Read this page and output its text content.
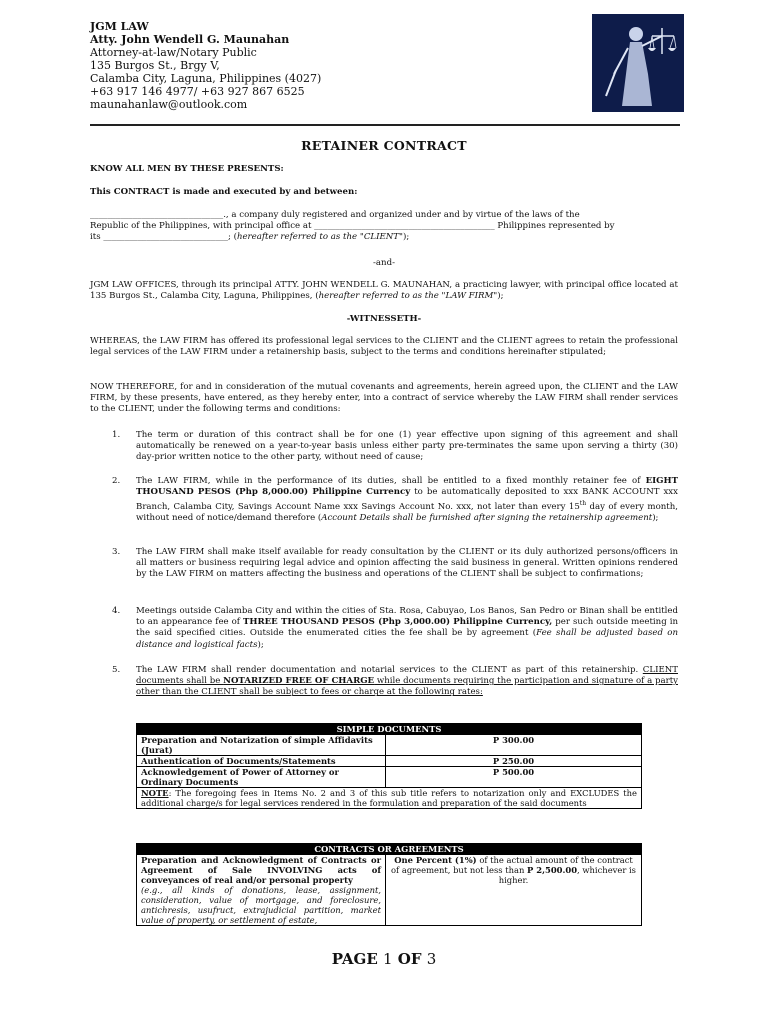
JGM LAW
Atty. John Wendell G. Maunahan
Attorney-at-law/Notary Public
135 Burgos St., Brgy V,
Calamba City, Laguna, Philippines (4027)
+63 917 146 4977/ +63 927 867 6525
maunahanlaw@outlook.com
RETAINER CONTRACT
KNOW ALL MEN BY THESE PRESENTS:
This CONTRACT is made and executed by and between:
_______________________________., a company duly registered and organized under and by virtue of the laws of the
Republic of the Philippines, with principal office at __________________________________________ Philippines represented by
its _____________________________; (hereafter referred to as the "CLIENT");
-and-
JGM LAW OFFICES, through its principal ATTY. JOHN WENDELL G. MAUNAHAN, a practicing lawyer, with principal office located at 135 Burgos St., Calamba City, Laguna, Philippines, (hereafter referred to as the "LAW FIRM");
-WITNESSETH-
WHEREAS, the LAW FIRM has offered its professional legal services to the CLIENT and the CLIENT agrees to retain the professional legal services of the LAW FIRM under a retainership basis, subject to the terms and conditions hereinafter stipulated;
NOW THEREFORE, for and in consideration of the mutual covenants and agreements, herein agreed upon, the CLIENT and the LAW FIRM, by these presents, have entered, as they hereby enter, into a contract of service whereby the LAW FIRM shall render services to the CLIENT, under the following terms and conditions:
1.	The term or duration of this contract shall be for one (1) year effective upon signing of this agreement and shall automatically be renewed on a year-to-year basis unless either party pre-terminates the same upon serving a thirty (30) day-prior written notice to the other party, without need of cause;
2.	The LAW FIRM, while in the performance of its duties, shall be entitled to a fixed monthly retainer fee of EIGHT THOUSAND PESOS (Php 8,000.00) Philippine Currency to be automatically deposited to xxx BANK ACCOUNT xxx Branch, Calamba City, Savings Account Name xxx Savings Account No. xxx, not later than every 15th day of every month, without need of notice/demand therefore (Account Details shall be furnished after signing the retainership agreement);
3.	The LAW FIRM shall make itself available for ready consultation by the CLIENT or its duly authorized persons/officers in all matters or business requiring legal advice and opinion affecting the said business in general. Written opinions rendered by the LAW FIRM on matters affecting the business and operations of the CLIENT shall be subject to confirmations;
4.	Meetings outside Calamba City and within the cities of Sta. Rosa, Cabuyao, Los Banos, San Pedro or Binan shall be entitled to an appearance fee of THREE THOUSAND PESOS (Php 3,000.00) Philippine Currency, per such outside meeting in the said specified cities. Outside the enumerated cities the fee shall be by agreement (Fee shall be adjusted based on distance and logistical facts);
5.	The LAW FIRM shall render documentation and notarial services to the CLIENT as part of this retainership. CLIENT documents shall be NOTARIZED FREE OF CHARGE while documents requiring the participation and signature of a party other than the CLIENT shall be subject to fees or charge at the following rates:
SIMPLE DOCUMENTS	
Preparation and Notarization of simple Affidavits (Jurat)	P 300.00
Authentication of Documents/Statements	P 250.00
Acknowledgement of Power of Attorney or Ordinary Documents	P 500.00
NOTE: The foregoing fees in Items No. 2 and 3 of this sub title refers to notarization only and EXCLUDES the additional charge/s for legal services rendered in the formulation and preparation of the said documents	
CONTRACTS OR AGREEMENTS
Preparation and Acknowledgment of Contracts or Agreement of Sale INVOLVING acts of conveyances of real and/or personal property
(e.g., all kinds of donations, lease, assignment, consideration, value of mortgage, and foreclosure, antichresis, usufruct, extrajudicial partition, market value of property, or settlement of estate,	One Percent (1%) of the actual amount of the contract of agreement, but not less than P 2,500.00, whichever is higher.
PAGE 1 OF 3
